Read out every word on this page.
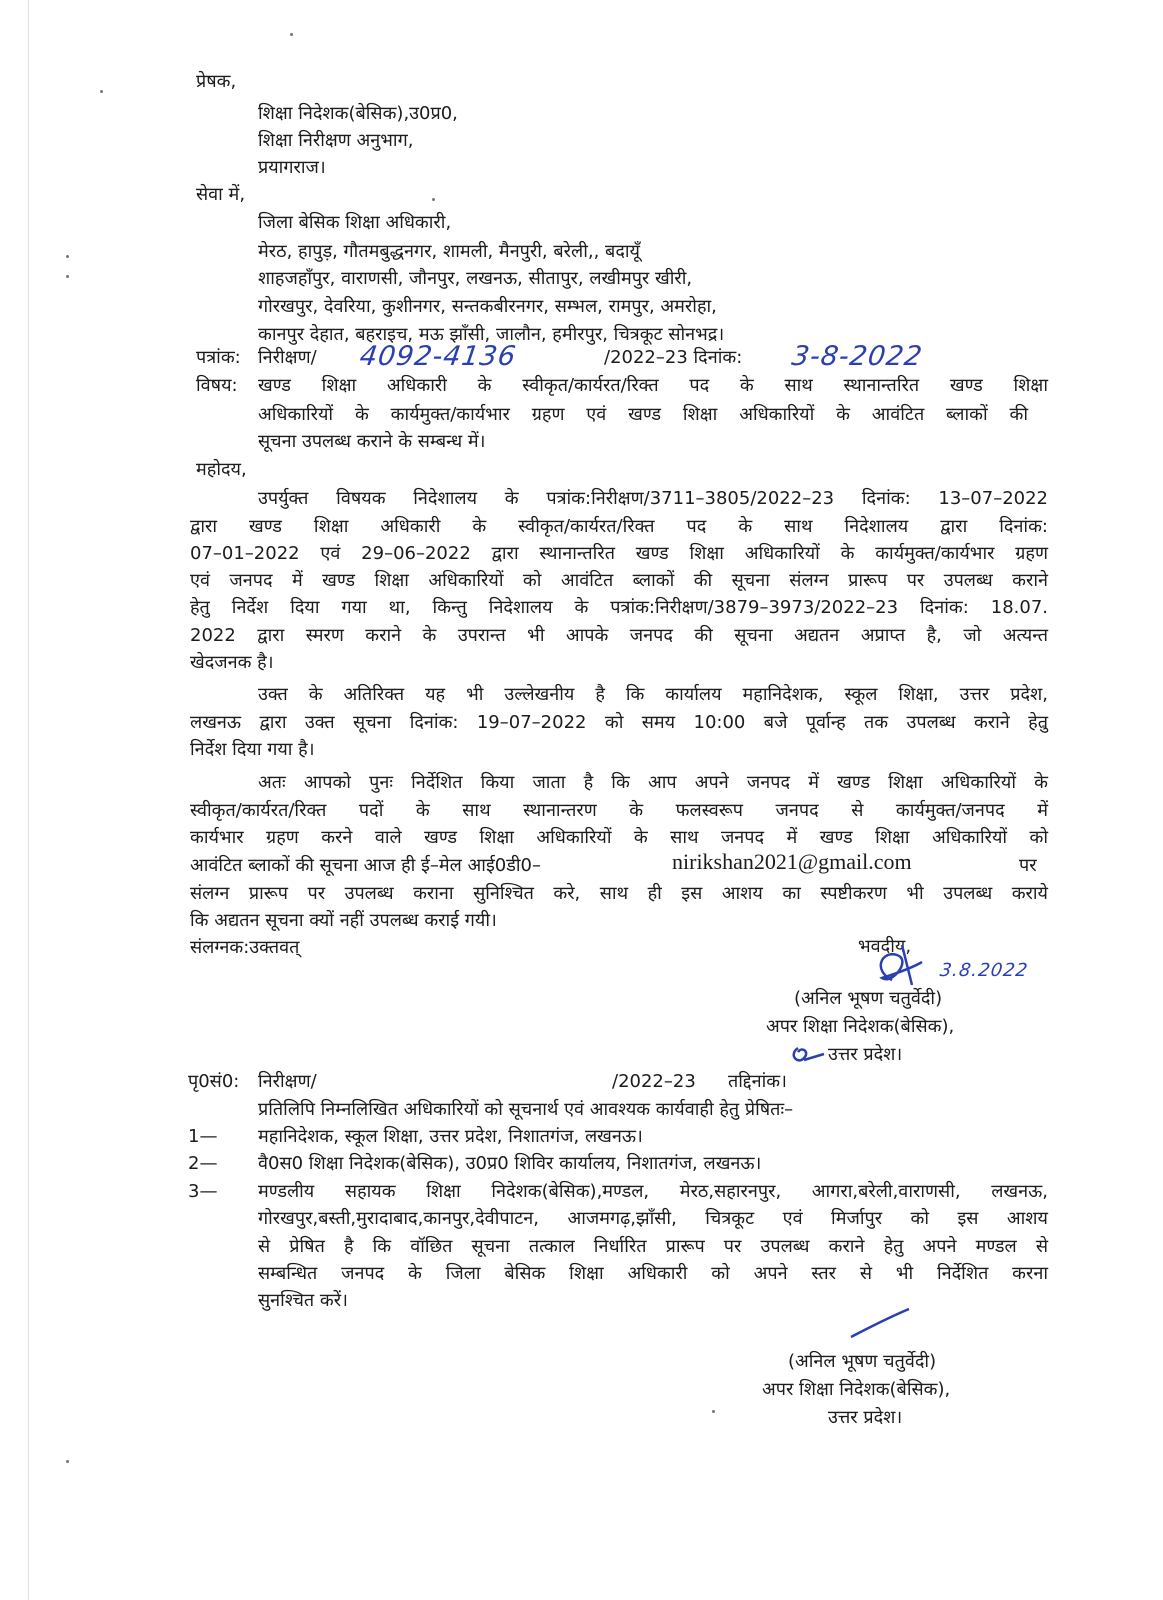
प्रेषक,
शिक्षा निदेशक(बेसिक),उ0प्र0,
शिक्षा निरीक्षण अनुभाग,
प्रयागराज।
सेवा में,
जिला बेसिक शिक्षा अधिकारी,
मेरठ, हापुड़, गौतमबुद्धनगर, शामली, मैनपुरी, बरेली,, बदायूँ
शाहजहाँपुर, वाराणसी, जौनपुर, लखनऊ, सीतापुर, लखीमपुर खीरी,
गोरखपुर, देवरिया, कुशीनगर, सन्तकबीरनगर, सम्भल, रामपुर, अमरोहा,
कानपुर देहात, बहराइच, मऊ झाँसी, जालौन, हमीरपुर, चित्रकूट सोनभद्र।
पत्रांक: निरीक्षण/ 4092-4136	/2022–23 दिनांक: 3-8-2022
विषय: खण्ड शिक्षा अधिकारी के स्वीकृत/कार्यरत/रिक्त पद के साथ स्थानान्तरित खण्ड शिक्षा
अधिकारियों के कार्यमुक्त/कार्यभार ग्रहण एवं खण्ड शिक्षा अधिकारियों के आवंटित ब्लाकों की
सूचना उपलब्ध कराने के सम्बन्ध में।
महोदय,
उपर्युक्त विषयक निदेशालय के पत्रांक:निरीक्षण/3711–3805/2022–23 दिनांक: 13–07–2022
द्वारा खण्ड शिक्षा अधिकारी के स्वीकृत/कार्यरत/रिक्त पद के साथ निदेशालय द्वारा दिनांक:
07–01–2022 एवं 29–06–2022 द्वारा स्थानान्तरित खण्ड शिक्षा अधिकारियों के कार्यमुक्त/कार्यभार ग्रहण
एवं जनपद में खण्ड शिक्षा अधिकारियों को आवंटित ब्लाकों की सूचना संलग्न प्रारूप पर उपलब्ध कराने
हेतु निर्देश दिया गया था, किन्तु निदेशालय के पत्रांक:निरीक्षण/3879–3973/2022–23 दिनांक: 18.07.
2022 द्वारा स्मरण कराने के उपरान्त भी आपके जनपद की सूचना अद्यतन अप्राप्त है, जो अत्यन्त
खेदजनक है।
उक्त के अतिरिक्त यह भी उल्लेखनीय है कि कार्यालय महानिदेशक, स्कूल शिक्षा, उत्तर प्रदेश,
लखनऊ द्वारा उक्त सूचना दिनांक: 19–07–2022 को समय 10:00 बजे पूर्वान्ह तक उपलब्ध कराने हेतु
निर्देश दिया गया है।
अतः आपको पुनः निर्देशित किया जाता है कि आप अपने जनपद में खण्ड शिक्षा अधिकारियों के
स्वीकृत/कार्यरत/रिक्त पदों के साथ स्थानान्तरण के फलस्वरूप जनपद से कार्यमुक्त/जनपद में
कार्यभार ग्रहण करने वाले खण्ड शिक्षा अधिकारियों के साथ जनपद में खण्ड शिक्षा अधिकारियों को
आवंटित ब्लाकों की सूचना आज ही ई–मेल आई0डी0–	nirikshan2021@gmail.com	पर
संलग्न प्रारूप पर उपलब्ध कराना सुनिश्चित करे, साथ ही इस आशय का स्पष्टीकरण भी उपलब्ध कराये
कि अद्यतन सूचना क्यों नहीं उपलब्ध कराई गयी।
संलग्नक:उक्तवत्	भवदीय,
3.8.2022
(अनिल भूषण चतुर्वेदी)
अपर शिक्षा निदेशक(बेसिक),
उत्तर प्रदेश।
पृ0सं0: निरीक्षण/	/2022–23 तद्दिनांक।
प्रतिलिपि निम्नलिखित अधिकारियों को सूचनार्थ एवं आवश्यक कार्यवाही हेतु प्रेषितः–
1— महानिदेशक, स्कूल शिक्षा, उत्तर प्रदेश, निशातगंज, लखनऊ।
2— वै0स0 शिक्षा निदेशक(बेसिक), उ0प्र0 शिविर कार्यालय, निशातगंज, लखनऊ।
3— मण्डलीय सहायक शिक्षा निदेशक(बेसिक),मण्डल, मेरठ,सहारनपुर, आगरा,बरेली,वाराणसी, लखनऊ,
गोरखपुर,बस्ती,मुरादाबाद,कानपुर,देवीपाटन, आजमगढ़,झाँसी, चित्रकूट एवं मिर्जापुर को इस आशय
से प्रेषित है कि वॉछित सूचना तत्काल निर्धारित प्रारूप पर उपलब्ध कराने हेतु अपने मण्डल से
सम्बन्धित जनपद के जिला बेसिक शिक्षा अधिकारी को अपने स्तर से भी निर्देशित करना
सुनश्चित करें।
(अनिल भूषण चतुर्वेदी)
अपर शिक्षा निदेशक(बेसिक),
उत्तर प्रदेश।
